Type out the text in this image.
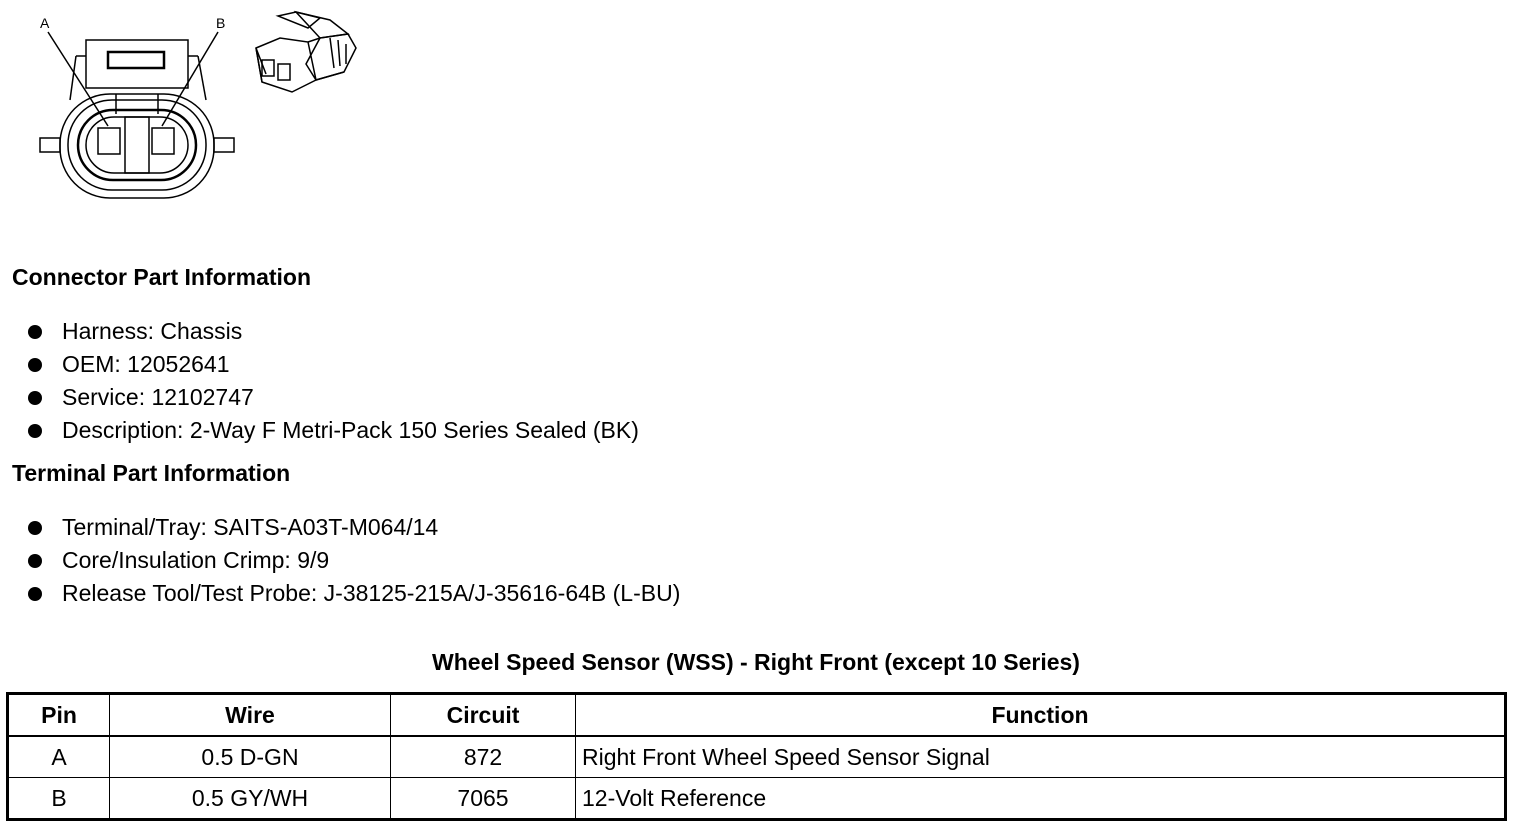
A	B
Connector Part Information
Harness: Chassis
OEM: 12052641
Service: 12102747
Description: 2-Way F Metri-Pack 150 Series Sealed (BK)
Terminal Part Information
Terminal/Tray: SAITS-A03T-M064/14
Core/Insulation Crimp: 9/9
Release Tool/Test Probe: J-38125-215A/J-35616-64B (L-BU)
Wheel Speed Sensor (WSS) - Right Front (except 10 Series)
Pin	Wire	Circuit	Function
A	0.5 D-GN	872	Right Front Wheel Speed Sensor Signal
B	0.5 GY/WH	7065	12-Volt Reference
